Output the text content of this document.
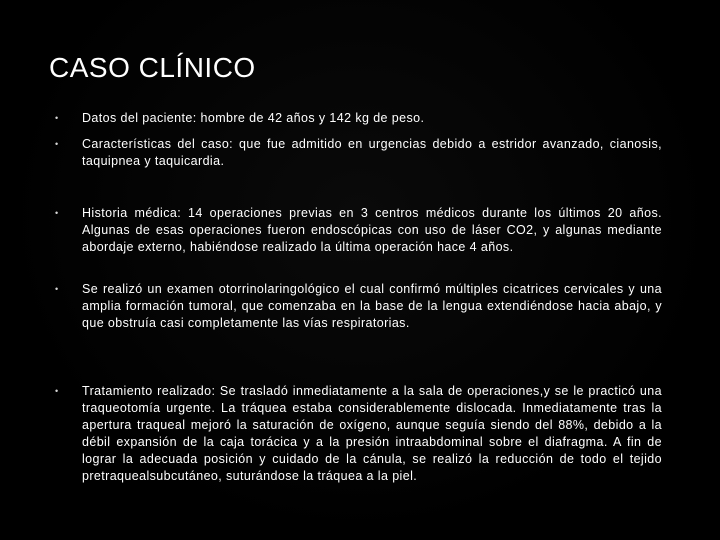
CASO CLÍNICO
• Datos del paciente: hombre de 42 años y 142 kg de peso.
• Características del caso: que fue admitido en urgencias debido a estridor avanzado, cianosis, taquipnea y taquicardia.
• Historia médica: 14 operaciones previas en 3 centros médicos durante los últimos 20 años. Algunas de esas operaciones fueron endoscópicas con uso de láser CO2, y algunas mediante abordaje externo, habiéndose realizado la última operación hace 4 años.
• Se realizó un examen otorrinolaringológico el cual confirmó múltiples cicatrices cervicales y una amplia formación tumoral, que comenzaba en la base de la lengua extendiéndose hacia abajo, y que obstruía casi completamente las vías respiratorias.
• Tratamiento realizado: Se trasladó inmediatamente a la sala de operaciones,y se le practicó una traqueotomía urgente. La tráquea estaba considerablemente dislocada. Inmediatamente tras la apertura traqueal mejoró la saturación de oxígeno, aunque seguía siendo del 88%, debido a la débil expansión de la caja torácica y a la presión intraabdominal sobre el diafragma. A fin de lograr la adecuada posición y cuidado de la cánula, se realizó la reducción de todo el tejido pretraquealsubcutáneo, suturándose la tráquea a la piel.
